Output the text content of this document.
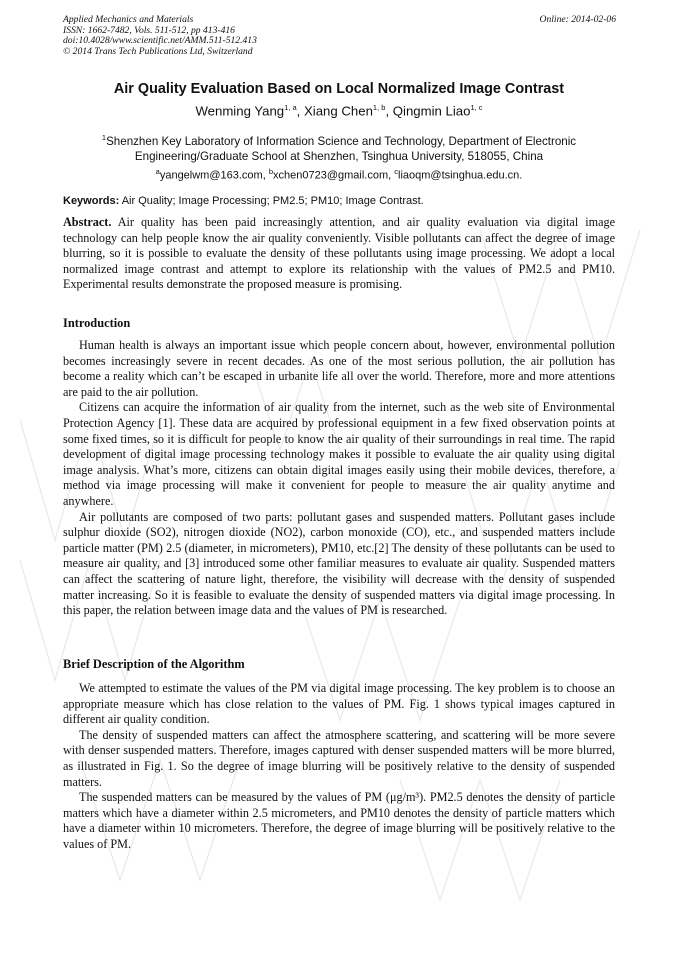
Applied Mechanics and Materials
ISSN: 1662-7482, Vols. 511-512, pp 413-416
doi:10.4028/www.scientific.net/AMM.511-512.413
© 2014 Trans Tech Publications Ltd, Switzerland
Online: 2014-02-06
Air Quality Evaluation Based on Local Normalized Image Contrast
Wenming Yang$^{1, a}$, Xiang Chen$^{1, b}$, Qingmin Liao$^{1, c}$
$^1$Shenzhen Key Laboratory of Information Science and Technology, Department of Electronic Engineering/Graduate School at Shenzhen, Tsinghua University, 518055, China
$^a$yangelwm@163.com, $^b$xchen0723@gmail.com, $^c$liaoqm@tsinghua.edu.cn.
Keywords: Air Quality; Image Processing; PM2.5; PM10; Image Contrast.

Abstract. Air quality has been paid increasingly attention, and air quality evaluation via digital image technology can help people know the air quality conveniently. Visible pollutants can affect the degree of image blurring, so it is possible to evaluate the density of these pollutants using image processing. We adopt a local normalized image contrast and attempt to explore its relationship with the values of PM2.5 and PM10. Experimental results demonstrate the proposed measure is promising.

Introduction

Human health is always an important issue which people concern about, however, environmental pollution becomes increasingly severe in recent decades. As one of the most serious pollution, the air pollution has become a reality which can’t be escaped in urbanite life all over the world. Therefore, more and more attentions are paid to the air pollution.

Citizens can acquire the information of air quality from the internet, such as the web site of Environmental Protection Agency [1]. These data are acquired by professional equipment in a few fixed observation points at some fixed times, so it is difficult for people to know the air quality of their surroundings in real time. The rapid development of digital image processing technology makes it possible to evaluate the air quality using digital image analysis. What’s more, citizens can obtain digital images easily using their mobile devices, therefore, a method via image processing will make it convenient for people to measure the air quality anytime and anywhere.

Air pollutants are composed of two parts: pollutant gases and suspended matters. Pollutant gases include sulphur dioxide (SO2), nitrogen dioxide (NO2), carbon monoxide (CO), etc., and suspended matters include particle matter (PM) 2.5 (diameter, in micrometers), PM10, etc.[2] The density of these pollutants can be used to measure air quality, and [3] introduced some other familiar measures to evaluate air quality. Suspended matters can affect the scattering of nature light, therefore, the visibility will decrease with the density of suspended matter increasing. So it is feasible to evaluate the density of suspended matters via digital image processing. In this paper, the relation between image data and the values of PM is researched.

Brief Description of the Algorithm

We attempted to estimate the values of the PM via digital image processing. The key problem is to choose an appropriate measure which has close relation to the values of PM. Fig. 1 shows typical images captured in different air quality condition.

The density of suspended matters can affect the atmosphere scattering, and scattering will be more severe with denser suspended matters. Therefore, images captured with denser suspended matters will be more blurred, as illustrated in Fig. 1. So the degree of image blurring will be positively relative to the density of suspended matters.

The suspended matters can be measured by the values of PM (μg/m³). PM2.5 denotes the density of particle matters which have a diameter within 2.5 micrometers, and PM10 denotes the density of particle matters which have a diameter within 10 micrometers. Therefore, the degree of image blurring will be positively relative to the values of PM.
